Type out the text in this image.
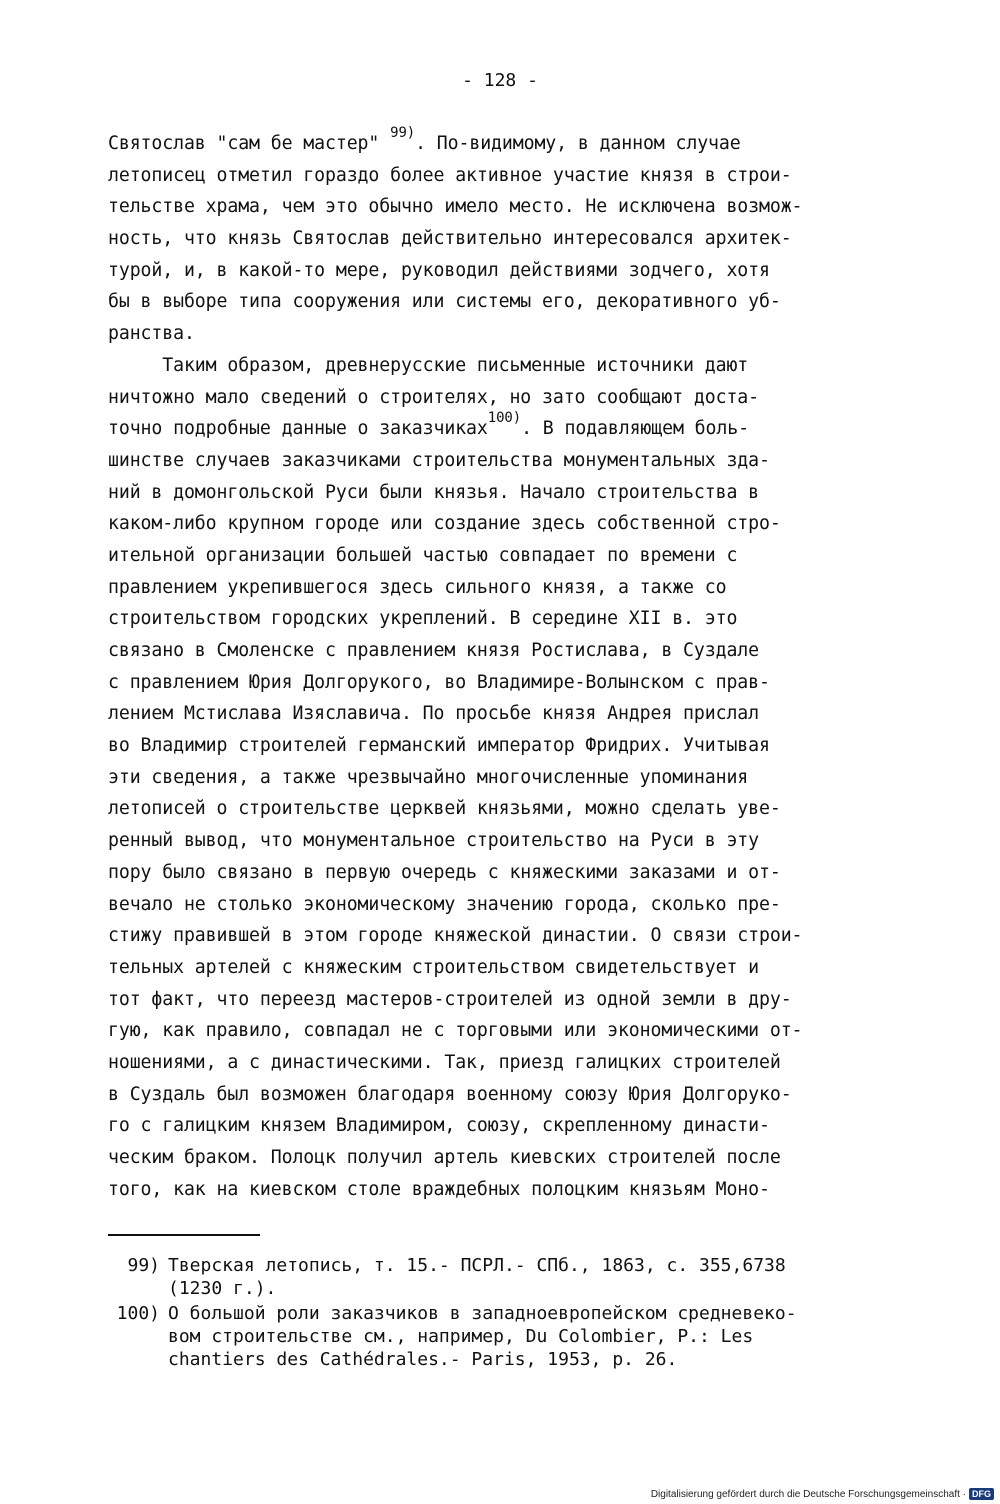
- 128 -
Святослав "сам бе мастер" $^{99)}$. По-видимому, в данном случае
летописец отметил гораздо более активное участие князя в строи-
тельстве храма, чем это обычно имело место. Не исключена возмож-
ность, что князь Святослав действительно интересовался архитек-
турой, и, в какой-то мере, руководил действиями зодчего, хотя
бы в выборе типа сооружения или системы его, декоративного уб-
ранства.
Таким образом, древнерусские письменные источники дают
ничтожно мало сведений о строителях, но зато сообщают доста-
точно подробные данные о заказчиках$^{100)}$. В подавляющем боль-
шинстве случаев заказчиками строительства монументальных зда-
ний в домонгольской Руси были князья. Начало строительства в
каком-либо крупном городе или создание здесь собственной стро-
ительной организации большей частью совпадает по времени с
правлением укрепившегося здесь сильного князя, а также со
строительством городских укреплений. В середине XII в. это
связано в Смоленске с правлением князя Ростислава, в Суздале
с правлением Юрия Долгорукого, во Владимире-Волынском с прав-
лением Мстислава Изяславича. По просьбе князя Андрея прислал
во Владимир строителей германский император Фридрих. Учитывая
эти сведения, а также чрезвычайно многочисленные упоминания
летописей о строительстве церквей князьями, можно сделать уве-
ренный вывод, что монументальное строительство на Руси в эту
пору было связано в первую очередь с княжескими заказами и от-
вечало не столько экономическому значению города, сколько пре-
стижу правившей в этом городе княжеской династии. О связи строи-
тельных артелей с княжеским строительством свидетельствует и
тот факт, что переезд мастеров-строителей из одной земли в дру-
гую, как правило, совпадал не с торговыми или экономическими от-
ношениями, а с династическими. Так, приезд галицких строителей
в Суздаль был возможен благодаря военному союзу Юрия Долгоруко-
го с галицким князем Владимиром, союзу, скрепленному династи-
ческим браком. Полоцк получил артель киевских строителей после
того, как на киевском столе враждебных полоцким князьям Моно-
99) Тверская летопись, т. 15.- ПСРЛ.- СПб., 1863, с. 355,6738
(1230 г.).
100) О большой роли заказчиков в западноевропейском средневеко-
вом строительстве см., например, Du Colombier, P.: Les
chantiers des Cathédrales.- Paris, 1953, p. 26.
Digitalisierung gefördert durch die Deutsche Forschungsgemeinschaft · DFG
